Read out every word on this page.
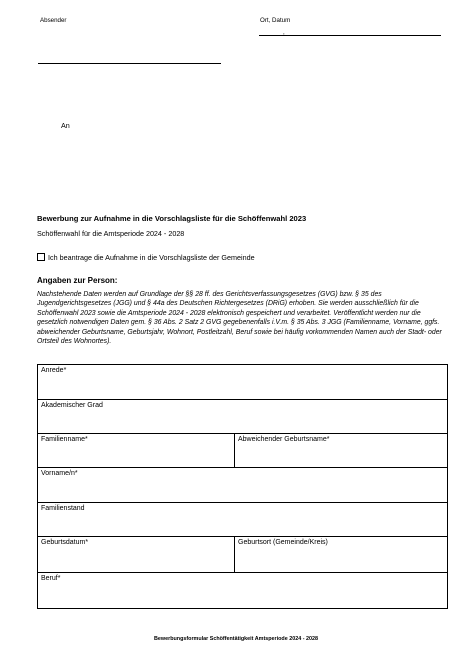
Absender	Ort, Datum
,
An
Bewerbung zur Aufnahme in die Vorschlagsliste für die Schöffenwahl 2023
Schöffenwahl für die Amtsperiode 2024 - 2028
Ich beantrage die Aufnahme in die Vorschlagsliste der Gemeinde
Angaben zur Person:
Nachstehende Daten werden auf Grundlage der §§ 28 ff. des Gerichtsverfassungsgesetzes (GVG) bzw. § 35 des Jugendgerichtsgesetzes (JGG) und § 44a des Deutschen Richtergesetzes (DRiG) erhoben. Sie werden ausschließlich für die Schöffenwahl 2023 sowie die Amtsperiode 2024 - 2028 elektronisch gespeichert und verarbeitet. Veröffentlicht werden nur die gesetzlich notwendigen Daten gem. § 36 Abs. 2 Satz 2 GVG gegebenenfalls i.V.m. § 35 Abs. 3 JGG (Familienname, Vorname, ggfs. abweichender Geburtsname, Geburtsjahr, Wohnort, Postleitzahl, Beruf sowie bei häufig vorkommenden Namen auch der Stadt- oder Ortsteil des Wohnortes).
Anrede*	
Akademischer Grad	
Familienname*	Abweichender Geburtsname*
Vorname/n*	
Familienstand	
Geburtsdatum*	Geburtsort (Gemeinde/Kreis)
Beruf*	
Bewerbungsformular Schöffentätigkeit Amtsperiode 2024 - 2028
